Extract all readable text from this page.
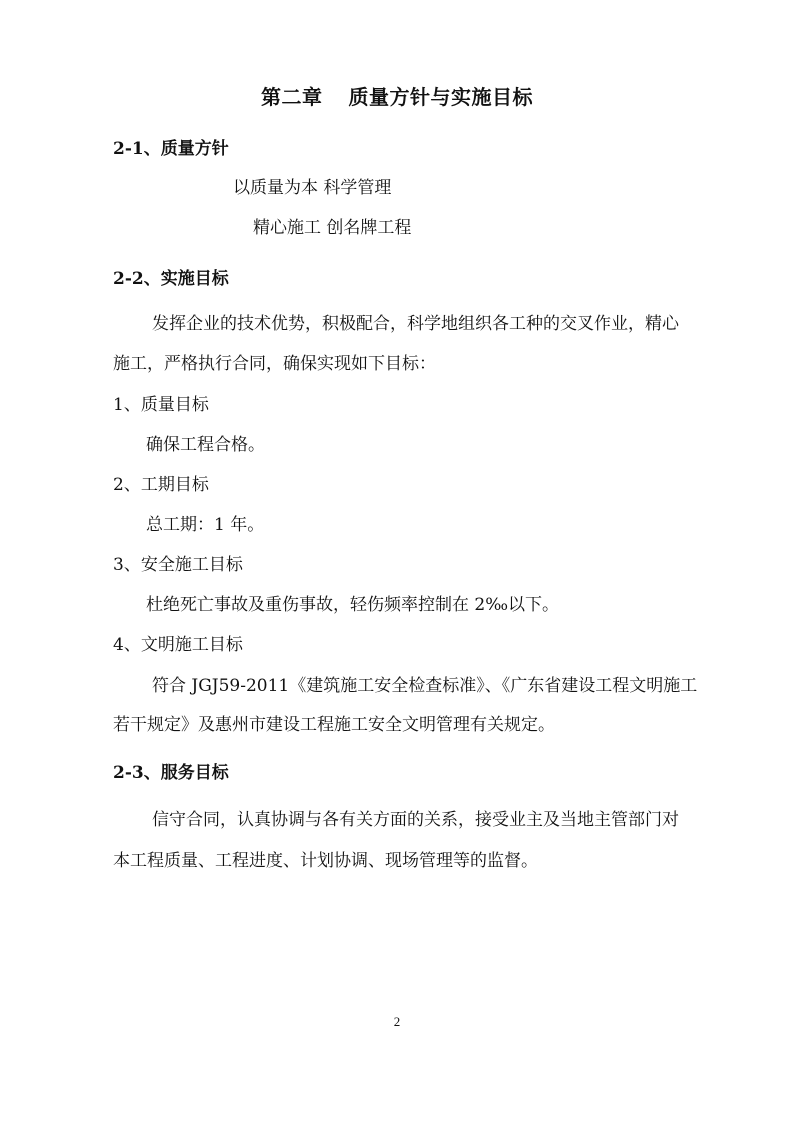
第二章 质量方针与实施目标
2-1、质量方针
以质量为本 科学管理
精心施工 创名牌工程
2-2、实施目标
发挥企业的技术优势，积极配合，科学地组织各工种的交叉作业，精心
施工，严格执行合同，确保实现如下目标：
1、质量目标
确保工程合格。
2、工期目标
总工期：1 年。
3、安全施工目标
杜绝死亡事故及重伤事故，轻伤频率控制在 2‰以下。
4、文明施工目标
符合 JGJ59-2011《建筑施工安全检查标准》、《广东省建设工程文明施工
若干规定》及惠州市建设工程施工安全文明管理有关规定。
2-3、服务目标
信守合同，认真协调与各有关方面的关系，接受业主及当地主管部门对
本工程质量、工程进度、计划协调、现场管理等的监督。
2
